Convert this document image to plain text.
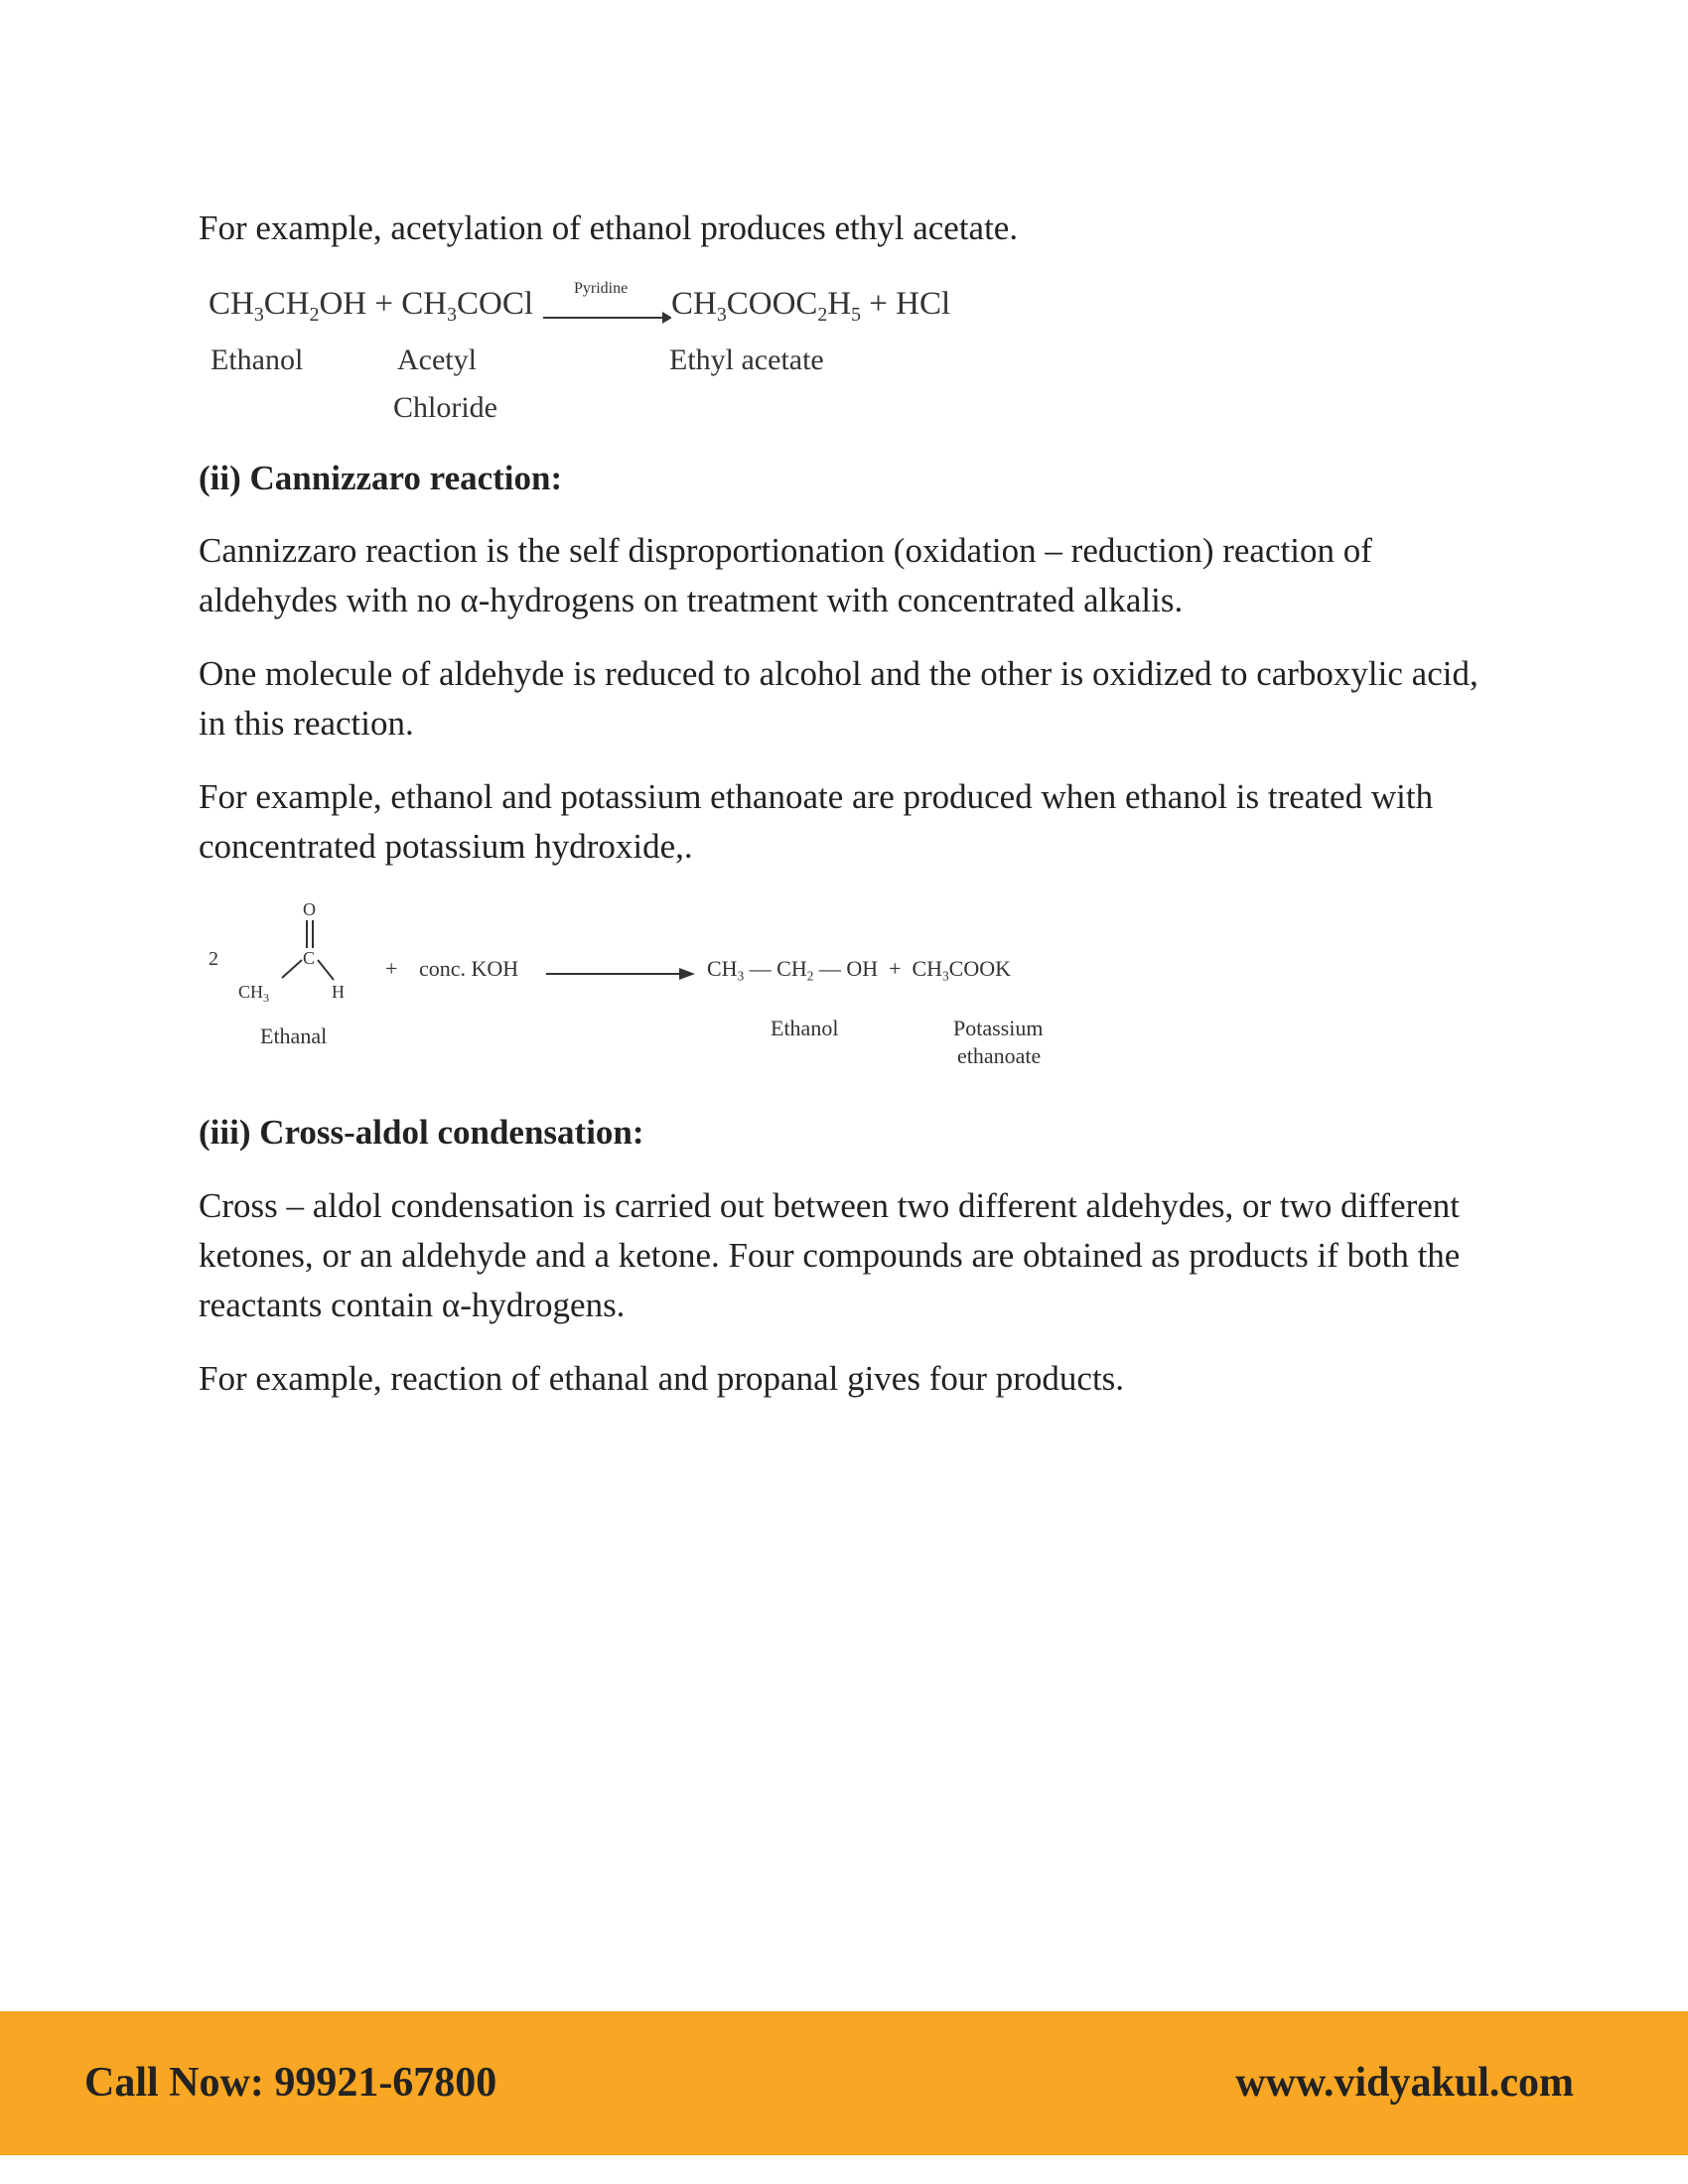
For example, acetylation of ethanol produces ethyl acetate.

(ii) Cannizzaro reaction:

Cannizzaro reaction is the self disproportionation (oxidation – reduction) reaction of aldehydes with no α-hydrogens on treatment with concentrated alkalis.

One molecule of aldehyde is reduced to alcohol and the other is oxidized to carboxylic acid, in this reaction.

For example, ethanol and potassium ethanoate are produced when ethanol is treated with concentrated potassium hydroxide,.

(iii) Cross-aldol condensation:

Cross – aldol condensation is carried out between two different aldehydes, or two different ketones, or an aldehyde and a ketone. Four compounds are obtained as products if both the reactants contain α-hydrogens.

For example, reaction of ethanal and propanal gives four products.

$CH_3CH_2OH$ + $CH_3COCl$	Pyridine $CH_3COOC_2H_5$ + HCl
Ethanol	Acetyl
Chloride
Ethyl acetate
2
O
C
$CH_3$	H
+ conc. KOH	$CH_3$ — $CH_2$ — OH  +  $CH_3COOK$
Ethanal	Ethanol	Potassium
ethanoate
Call Now: 99921-67800	www.vidyakul.com
